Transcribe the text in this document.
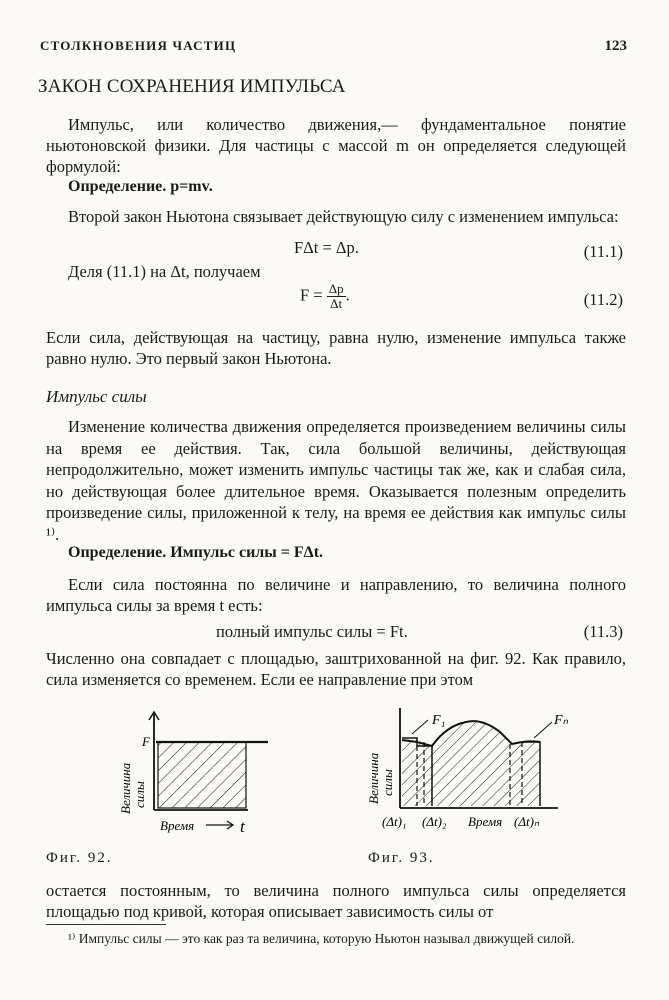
СТОЛКНОВЕНИЯ ЧАСТИЦ	123
ЗАКОН СОХРАНЕНИЯ ИМПУЛЬСА
Импульс, или количество движения,— фундаментальное понятие ньютоновской физики. Для частицы с массой m он определяется следующей формулой:
Определение. p=mv.
Второй закон Ньютона связывает действующую силу с изменением импульса:
FΔt = Δp.	(11.1)
Деля (11.1) на Δt, получаем
$F = \frac{\Delta p}{\Delta t}$ .	(11.2)
Если сила, действующая на частицу, равна нулю, изменение импульса также равно нулю. Это первый закон Ньютона.
Импульс силы
Изменение количества движения определяется произведением величины силы на время ее действия. Так, сила большой величины, действующая непродолжительно, может изменить импульс частицы так же, как и слабая сила, но действующая более длительное время. Оказывается полезным определить произведение силы, приложенной к телу, на время ее действия как импульс силы ¹⁾.
Определение. Импульс силы = FΔt.
Если сила постоянна по величине и направлению, то величина полного импульса силы за время t есть:
полный импульс силы = Ft.	(11.3)
Численно она совпадает с площадью, заштрихованной на фиг. 92. Как правило, сила изменяется со временем. Если ее направление при этом
F
Величина силы
Время	t
Фиг. 92.
F₁	Fₙ
Величина силы
(Δt)₁ (Δt)₂ Время (Δt)ₙ
Фиг. 93.
остается постоянным, то величина полного импульса силы определяется площадью под кривой, которая описывает зависимость силы от
¹⁾ Импульс силы — это как раз та величина, которую Ньютон называл движущей силой.
